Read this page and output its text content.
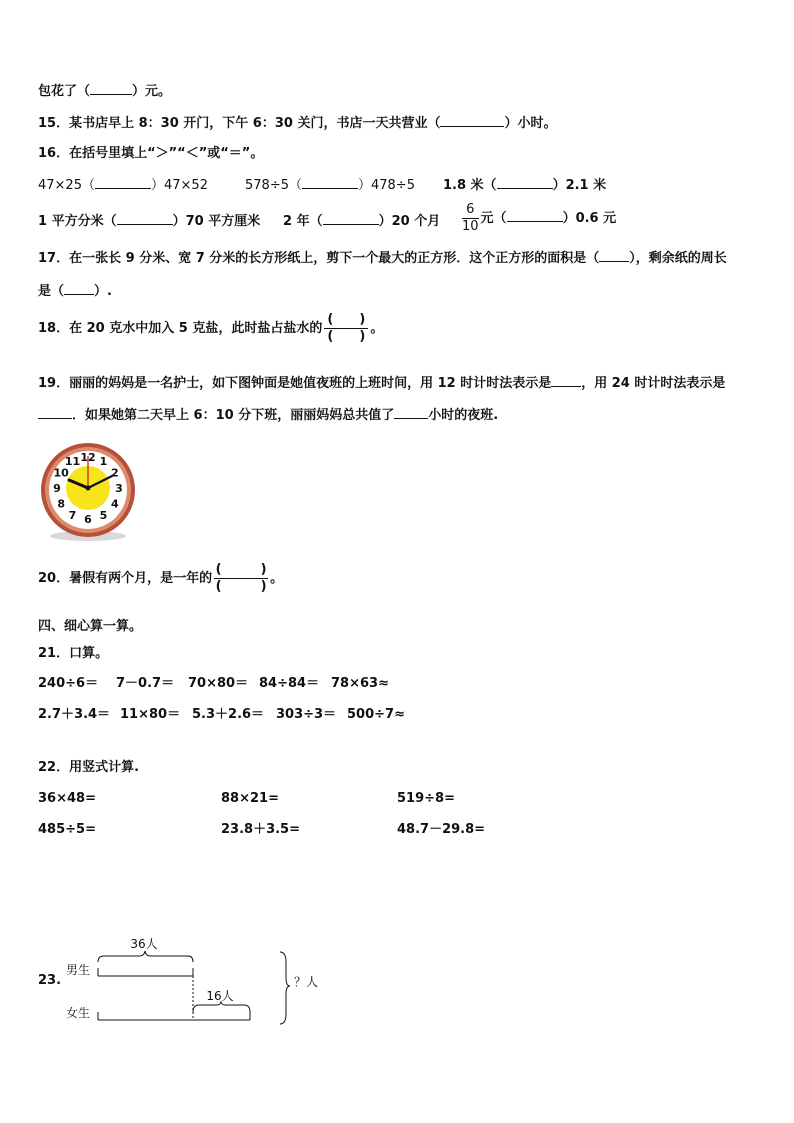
包花了（	）元。
15．某书店早上 8：30 开门，下午 6：30 关门，书店一天共营业（	）小时。
16．在括号里填上“＞”“＜”或“＝”。
47×25（	）47×52	578÷5（	）478÷5 1.8 米（	）2.1 米
1 平方分米（	）70 平方厘米 2 年（	）20 个月 $\frac{6}{10}$ 元（	）0.6 元
17．在一张长 9 分米、宽 7 分米的长方形纸上，剪下一个最大的正方形．这个正方形的面积是（ ），剩余纸的周长
是（ ）.
18．在 20 克水中加入 5 克盐，此时盐占盐水的 $\frac{( )}{( )}$ 。
19．丽丽的妈妈是一名护士，如下图钟面是她值夜班的上班时间，用 12 时计时法表示是 ，用 24 时计时法表示是
．如果她第二天早上 6：10 分下班，丽丽妈妈总共值了	小时的夜班.
12 1
2
3
4
5
6
7
8
9
10
11
20．暑假有两个月，是一年的 $\frac{( )}{( )}$ 。
四、细心算一算。
21．口算。
240÷6＝ 7－0.7＝ 70×80＝ 84÷84＝ 78×63≈
2.7＋3.4＝ 11×80＝ 5.3＋2.6＝ 303÷3＝ 500÷7≈
22．用竖式计算.
36×48=	88×21=	519÷8=
485÷5=	23.8＋3.5=	48.7－29.8=
23.
36人
男生
16人
女生
？人
